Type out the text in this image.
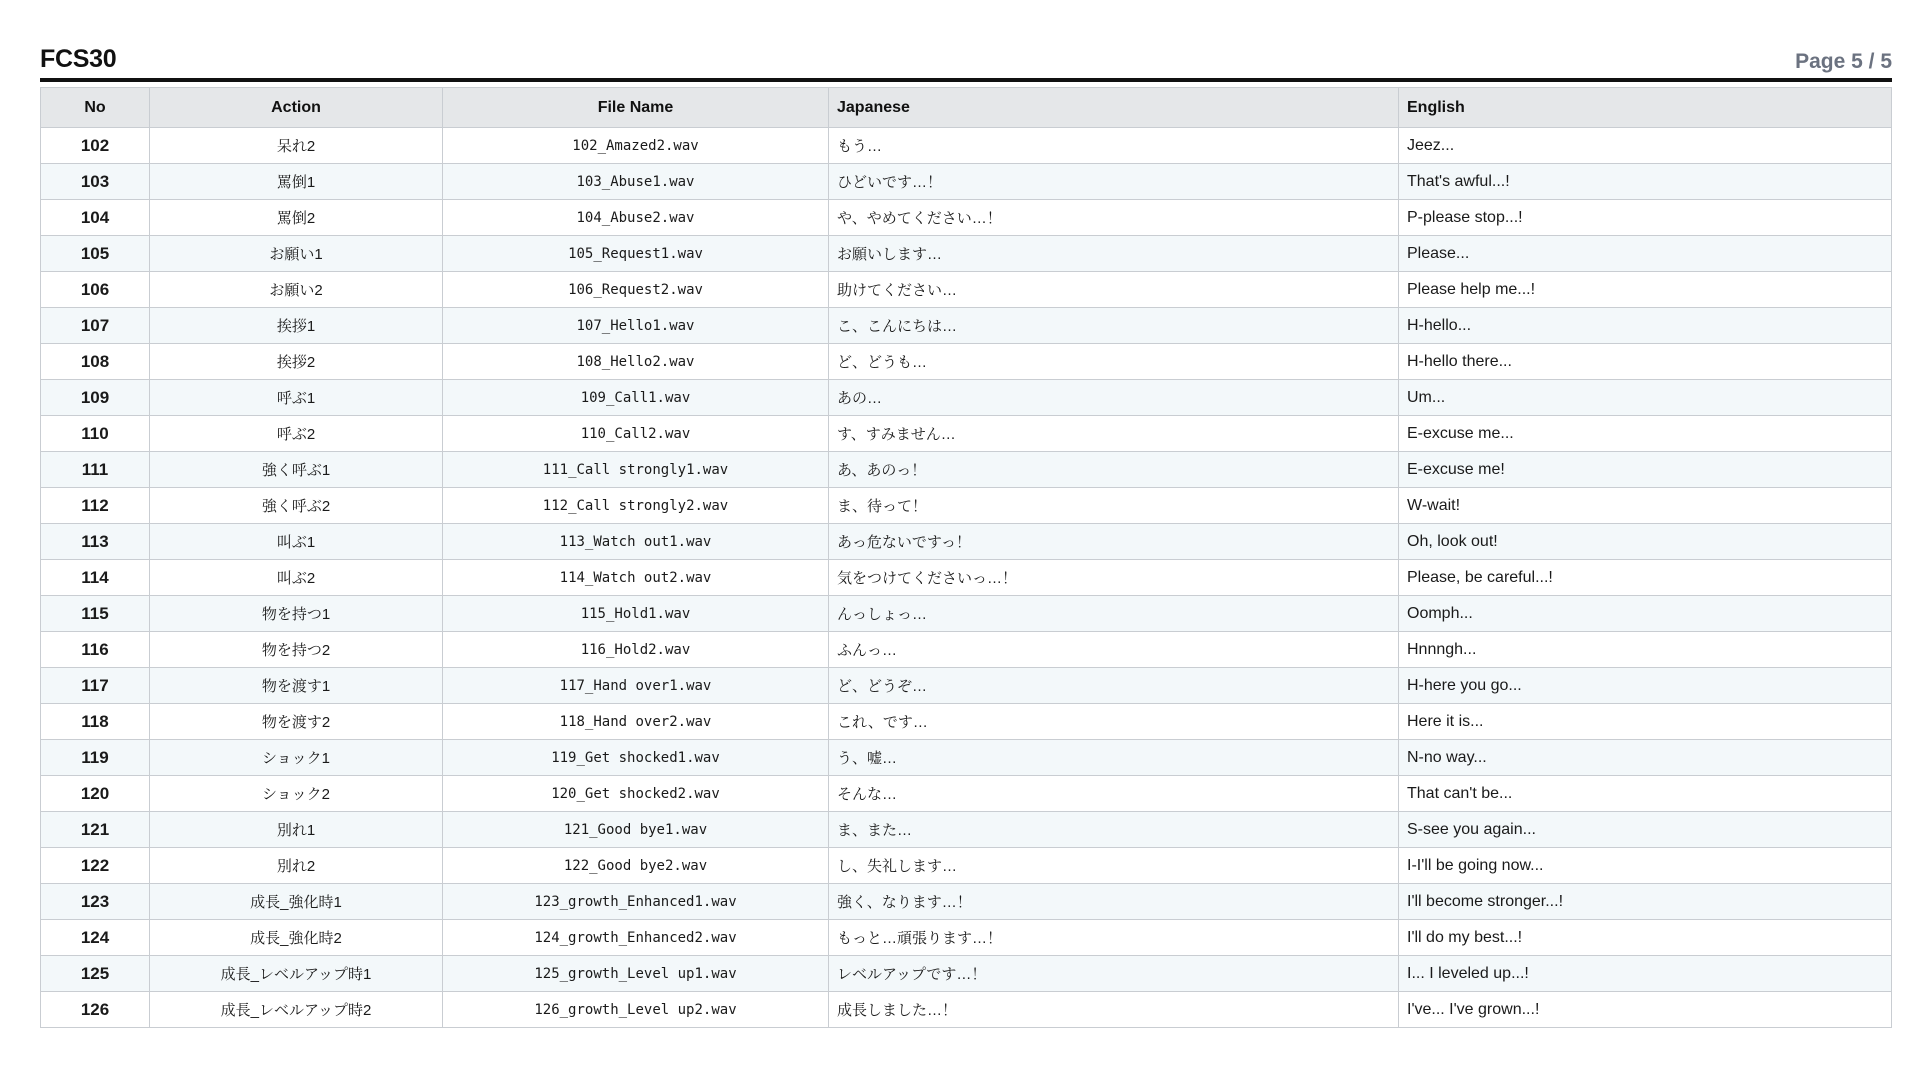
FCS30	Page 5 / 5
No	Action	File Name	Japanese	English
102	呆れ2	102_Amazed2.wav	もう…	Jeez...
103	罵倒1	103_Abuse1.wav	ひどいです…！	That's awful...!
104	罵倒2	104_Abuse2.wav	や、やめてください…！	P-please stop...!
105	お願い1	105_Request1.wav	お願いします…	Please...
106	お願い2	106_Request2.wav	助けてください…	Please help me...!
107	挨拶1	107_Hello1.wav	こ、こんにちは…	H-hello...
108	挨拶2	108_Hello2.wav	ど、どうも…	H-hello there...
109	呼ぶ1	109_Call1.wav	あの…	Um...
110	呼ぶ2	110_Call2.wav	す、すみません…	E-excuse me...
111	強く呼ぶ1	111_Call strongly1.wav	あ、あのっ！	E-excuse me!
112	強く呼ぶ2	112_Call strongly2.wav	ま、待って！	W-wait!
113	叫ぶ1	113_Watch out1.wav	あっ危ないですっ！	Oh, look out!
114	叫ぶ2	114_Watch out2.wav	気をつけてくださいっ…！	Please, be careful...!
115	物を持つ1	115_Hold1.wav	んっしょっ…	Oomph...
116	物を持つ2	116_Hold2.wav	ふんっ…	Hnnngh...
117	物を渡す1	117_Hand over1.wav	ど、どうぞ…	H-here you go...
118	物を渡す2	118_Hand over2.wav	これ、です…	Here it is...
119	ショック1	119_Get shocked1.wav	う、嘘…	N-no way...
120	ショック2	120_Get shocked2.wav	そんな…	That can't be...
121	別れ1	121_Good bye1.wav	ま、また…	S-see you again...
122	別れ2	122_Good bye2.wav	し、失礼します…	I-I'll be going now...
123	成長_強化時1	123_growth_Enhanced1.wav	強く、なります…！	I'll become stronger...!
124	成長_強化時2	124_growth_Enhanced2.wav	もっと…頑張ります…！	I'll do my best...!
125	成長_レベルアップ時1	125_growth_Level up1.wav	レベルアップです…！	I... I leveled up...!
126	成長_レベルアップ時2	126_growth_Level up2.wav	成長しました…！	I've... I've grown...!
